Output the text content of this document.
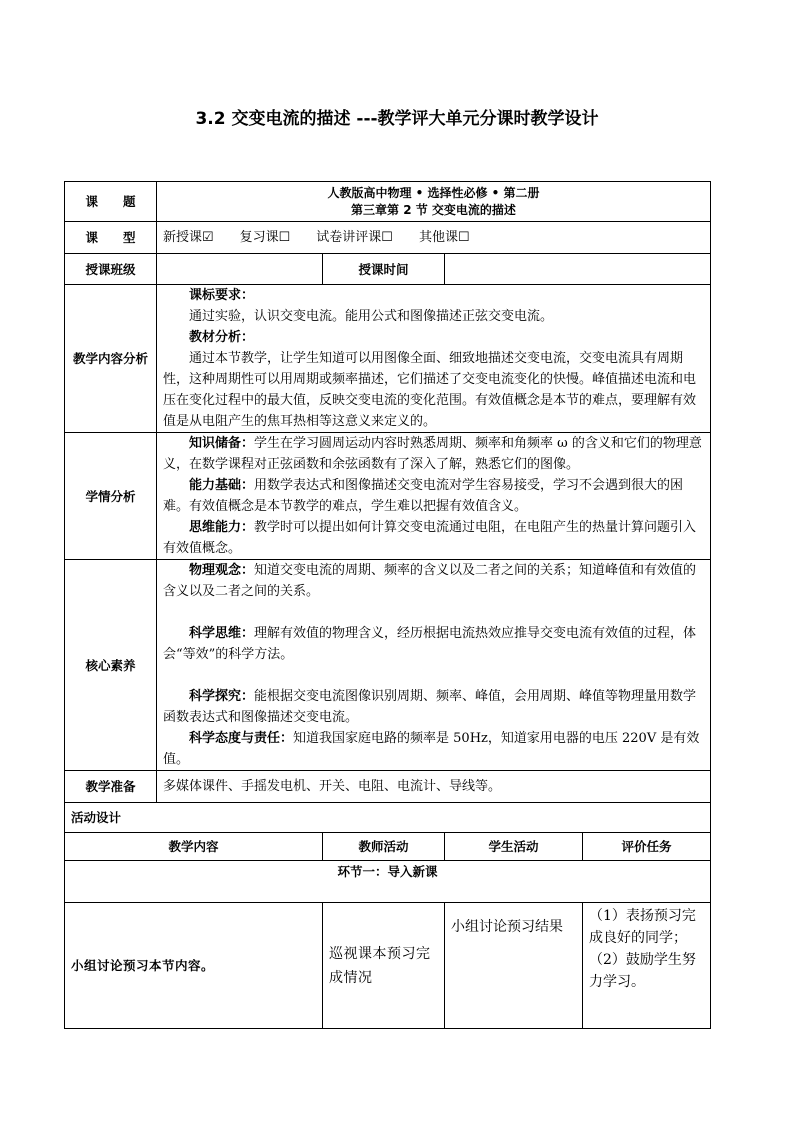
3.2 交变电流的描述 ---教学评大单元分课时教学设计
课　　题	人教版高中物理 • 选择性必修 • 第二册

第三章第 2 节 交变电流的描述			

课　　型	新授课☑　　复习课☐　　试卷讲评课☐　　其他课☐			
授课班级		授课时间		
教学内容分析	课标要求：

通过实验，认识交变电流。能用公式和图像描述正弦交变电流。

教材分析：

通过本节教学，让学生知道可以用图像全面、细致地描述交变电流，交变电流具有周期性，这种周期性可以用周期或频率描述，它们描述了交变电流变化的快慢。峰值描述电流和电压在变化过程中的最大值，反映交变电流的变化范围。有效值概念是本节的难点，要理解有效值是从电阻产生的焦耳热相等这意义来定义的。			

学情分析	知识储备：学生在学习圆周运动内容时熟悉周期、频率和角频率 ω 的含义和它们的物理意义，在数学课程对正弦函数和余弦函数有了深入了解，熟悉它们的图像。

能力基础：用数学表达式和图像描述交变电流对学生容易接受，学习不会遇到很大的困难。有效值概念是本节教学的难点，学生难以把握有效值含义。

思维能力：教学时可以提出如何计算交变电流通过电阻，在电阻产生的热量计算问题引入有效值概念。			

核心素养	物理观念：知道交变电流的周期、频率的含义以及二者之间的关系；知道峰值和有效值的含义以及二者之间的关系。

科学思维：理解有效值的物理含义，经历根据电流热效应推导交变电流有效值的过程，体会“等效”的科学方法。

科学探究：能根据交变电流图像识别周期、频率、峰值，会用周期、峰值等物理量用数学函数表达式和图像描述交变电流。

科学态度与责任：知道我国家庭电路的频率是 50Hz，知道家用电器的电压 220V 是有效值。			

教学准备	多媒体课件、手摇发电机、开关、电阻、电流计、导线等。			
活动设计				
教学内容		教师活动	学生活动	评价任务
环节一：导入新课				
小组讨论预习本节内容。		巡视课本预习完成情况	小组讨论预习结果	（1）表扬预习完成良好的同学；

（2）鼓励学生努力学习。
